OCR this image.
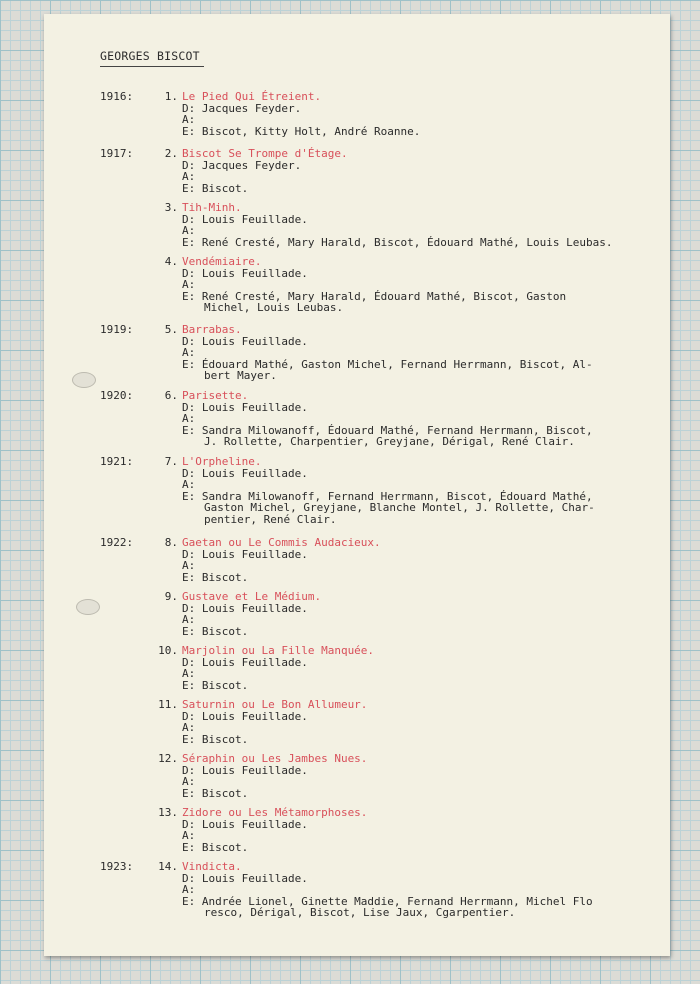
GEORGES BISCOT
1916:	1. Le Pied Qui Étreient.
D: Jacques Feyder.
A:
E: Biscot, Kitty Holt, André Roanne.
1917:	2. Biscot Se Trompe d'Étage.
D: Jacques Feyder.
A:
E: Biscot.
3. Tih-Minh.
D: Louis Feuillade.
A:
E: René Cresté, Mary Harald, Biscot, Édouard Mathé, Louis Leubas.
4. Vendémiaire.
D: Louis Feuillade.
A:
E: René Cresté, Mary Harald, Édouard Mathé, Biscot, Gaston
Michel, Louis Leubas.
1919:	5. Barrabas.
D: Louis Feuillade.
A:
E: Édouard Mathé, Gaston Michel, Fernand Herrmann, Biscot, Al-
bert Mayer.
1920:	6. Parisette.
D: Louis Feuillade.
A:
E: Sandra Milowanoff, Édouard Mathé, Fernand Herrmann, Biscot,
J. Rollette, Charpentier, Greyjane, Dérigal, René Clair.
1921:	7. L'Orpheline.
D: Louis Feuillade.
A:
E: Sandra Milowanoff, Fernand Herrmann, Biscot, Édouard Mathé,
Gaston Michel, Greyjane, Blanche Montel, J. Rollette, Char-
pentier, René Clair.
1922:	8. Gaetan ou Le Commis Audacieux.
D: Louis Feuillade.
A:
E: Biscot.
9. Gustave et Le Médium.
D: Louis Feuillade.
A:
E: Biscot.
10. Marjolin ou La Fille Manquée.
D: Louis Feuillade.
A:
E: Biscot.
11. Saturnin ou Le Bon Allumeur.
D: Louis Feuillade.
A:
E: Biscot.
12. Séraphin ou Les Jambes Nues.
D: Louis Feuillade.
A:
E: Biscot.
13. Zidore ou Les Métamorphoses.
D: Louis Feuillade.
A:
E: Biscot.
1923:	14. Vindicta.
D: Louis Feuillade.
A:
E: Andrée Lionel, Ginette Maddie, Fernand Herrmann, Michel Flo
resco, Dérigal, Biscot, Lise Jaux, Cgarpentier.
